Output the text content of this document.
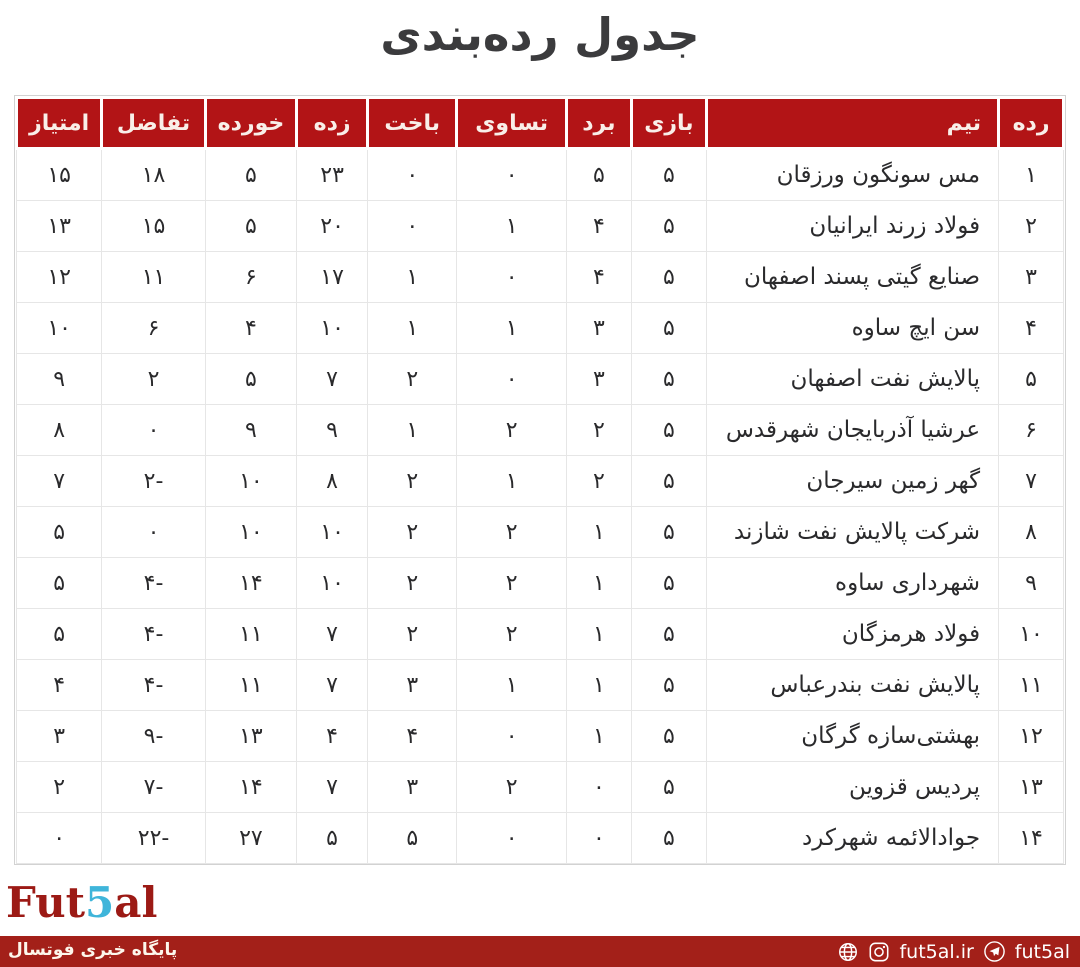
جدول رده‌بندی
رده	تیم	بازی	برد	تساوی	باخت	زده	خورده	تفاضل	امتیاز
۱	مس سونگون ورزقان	۵	۵	۰	۰	۲۳	۵	۱۸	۱۵
۲	فولاد زرند ایرانیان	۵	۴	۱	۰	۲۰	۵	۱۵	۱۳
۳	صنایع گیتی پسند اصفهان	۵	۴	۰	۱	۱۷	۶	۱۱	۱۲
۴	سن ایچ ساوه	۵	۳	۱	۱	۱۰	۴	۶	۱۰
۵	پالایش نفت اصفهان	۵	۳	۰	۲	۷	۵	۲	۹
۶	عرشیا آذربایجان شهرقدس	۵	۲	۲	۱	۹	۹	۰	۸
۷	گهر زمین سیرجان	۵	۲	۱	۲	۸	۱۰	۲-	۷
۸	شرکت پالایش نفت شازند	۵	۱	۲	۲	۱۰	۱۰	۰	۵
۹	شهرداری ساوه	۵	۱	۲	۲	۱۰	۱۴	۴-	۵
۱۰	فولاد هرمزگان	۵	۱	۲	۲	۷	۱۱	۴-	۵
۱۱	پالایش نفت بندرعباس	۵	۱	۱	۳	۷	۱۱	۴-	۴
۱۲	بهشتی‌سازه گرگان	۵	۱	۰	۴	۴	۱۳	۹-	۳
۱۳	پردیس قزوین	۵	۰	۲	۳	۷	۱۴	۷-	۲
۱۴	جوادالائمه شهرکرد	۵	۰	۰	۵	۵	۲۷	۲۲-	۰
Fut5al
پایگاه خبری فوتسال	fut5al.ir fut5al
